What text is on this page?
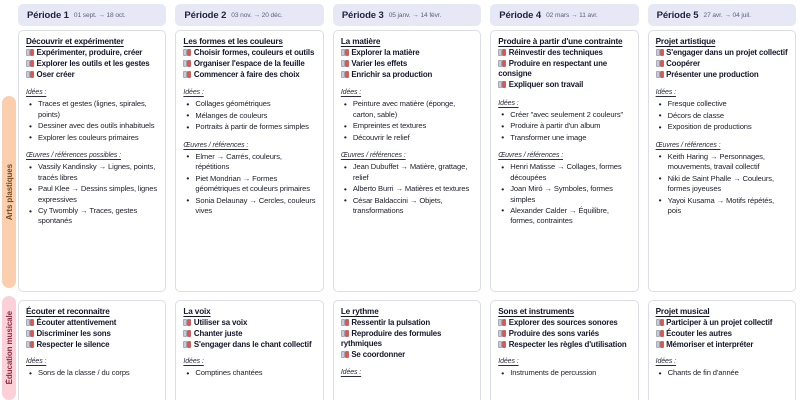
Période 1 01 sept. → 18 oct.	Période 2 03 nov. → 20 déc.	Période 3 05 janv. → 14 févr.	Période 4 02 mars → 11 avr.	Période 5 27 avr. → 04 juil.
Arts plastiques
Éducation musicale
Découvrir et expérimenter
Expérimenter, produire, créer
Explorer les outils et les gestes
Oser créer
Idées :
• Traces et gestes (lignes, spirales, points)
• Dessiner avec des outils inhabituels
• Explorer les couleurs primaires
Œuvres / références possibles :
• Vassily Kandinsky → Lignes, points, tracés libres
• Paul Klee → Dessins simples, lignes expressives
• Cy Twombly → Traces, gestes spontanés
Les formes et les couleurs
Choisir formes, couleurs et outils
Organiser l'espace de la feuille
Commencer à faire des choix
Idées :
• Collages géométriques
• Mélanges de couleurs
• Portraits à partir de formes simples
Œuvres / références :
• Elmer → Carrés, couleurs, répétitions
• Piet Mondrian → Formes géométriques et couleurs primaires
• Sonia Delaunay → Cercles, couleurs vives
La matière
Explorer la matière
Varier les effets
Enrichir sa production
Idées :
• Peinture avec matière (éponge, carton, sable)
• Empreintes et textures
• Découvrir le relief
Œuvres / références :
• Jean Dubuffet → Matière, grattage, relief
• Alberto Burri → Matières et textures
• César Baldaccini → Objets, transformations
Produire à partir d'une contrainte
Réinvestir des techniques
Produire en respectant une consigne
Expliquer son travail
Idées :
• Créer "avec seulement 2 couleurs"
• Produire à partir d'un album
• Transformer une image
Œuvres / références :
• Henri Matisse → Collages, formes découpées
• Joan Miró → Symboles, formes simples
• Alexander Calder → Équilibre, formes, contraintes
Projet artistique
S'engager dans un projet collectif
Coopérer
Présenter une production
Idées :
• Fresque collective
• Décors de classe
• Exposition de productions
Œuvres / références :
• Keith Haring → Personnages, mouvements, travail collectif
• Niki de Saint Phalle → Couleurs, formes joyeuses
• Yayoi Kusama → Motifs répétés, pois
Écouter et reconnaitre
Écouter attentivement
Discriminer les sons
Respecter le silence
Idées :
• Sons de la classe / du corps
La voix
Utiliser sa voix
Chanter juste
S'engager dans le chant collectif
Idées :
• Comptines chantées
Le rythme
Ressentir la pulsation
Reproduire des formules rythmiques
Se coordonner
Idées :
Sons et instruments
Explorer des sources sonores
Produire des sons variés
Respecter les règles d'utilisation
Idées :
• Instruments de percussion
Projet musical
Participer à un projet collectif
Écouter les autres
Mémoriser et interpréter
Idées :
• Chants de fin d'année
